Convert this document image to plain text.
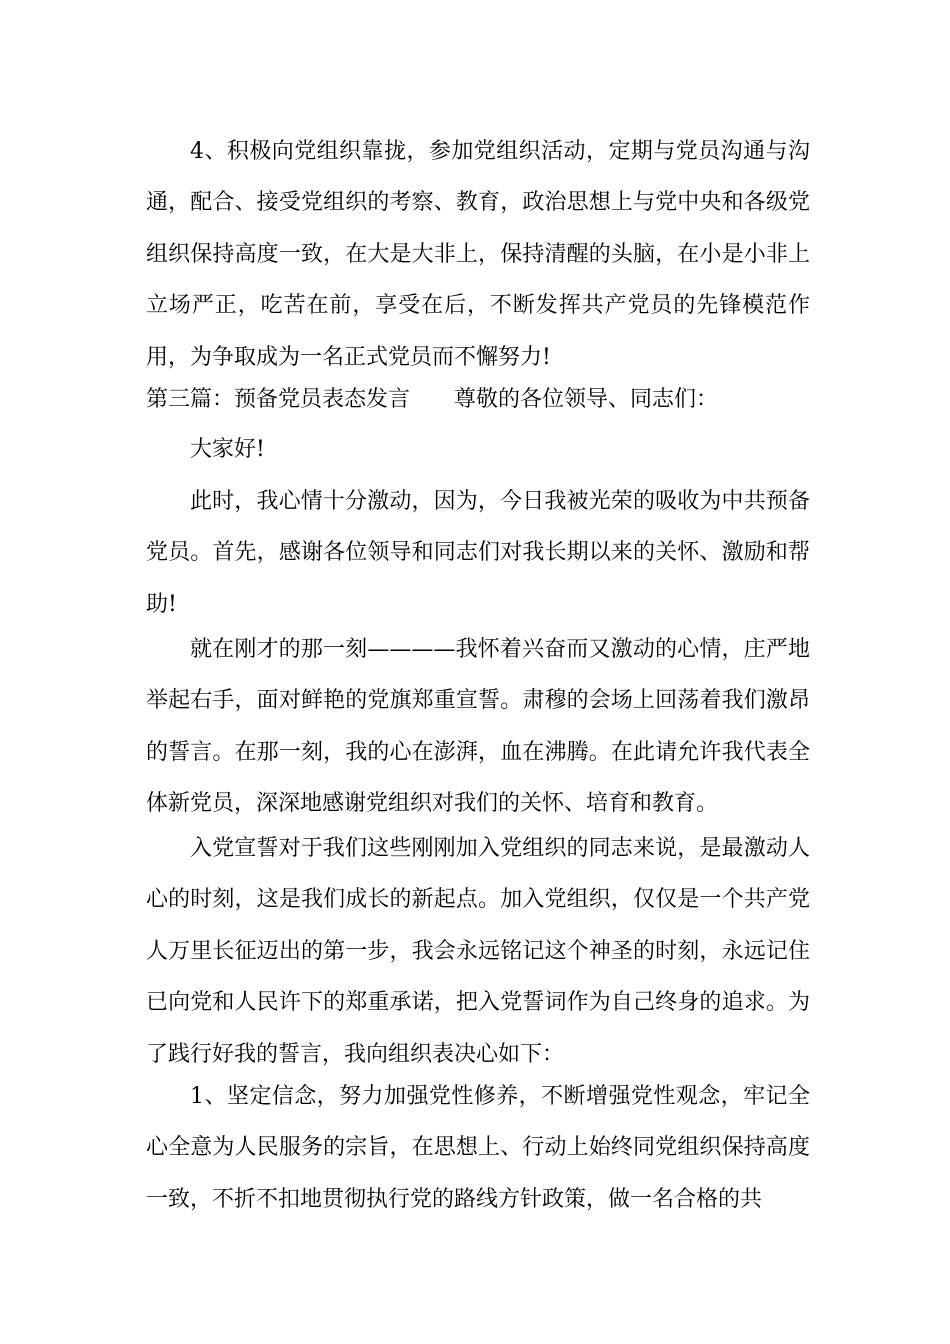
4、积极向党组织靠拢，参加党组织活动，定期与党员沟通与沟通，配合、接受党组织的考察、教育，政治思想上与党中央和各级党组织保持高度一致，在大是大非上，保持清醒的头脑，在小是小非上立场严正，吃苦在前，享受在后，不断发挥共产党员的先锋模范作用，为争取成为一名正式党员而不懈努力!

第三篇：预备党员表态发言 尊敬的各位领导、同志们：

大家好!

此时，我心情十分激动，因为，今日我被光荣的吸收为中共预备党员。首先，感谢各位领导和同志们对我长期以来的关怀、激励和帮助!

就在刚才的那一刻————我怀着兴奋而又激动的心情，庄严地举起右手，面对鲜艳的党旗郑重宣誓。肃穆的会场上回荡着我们激昂的誓言。在那一刻，我的心在澎湃，血在沸腾。在此请允许我代表全体新党员，深深地感谢党组织对我们的关怀、培育和教育。

入党宣誓对于我们这些刚刚加入党组织的同志来说，是最激动人心的时刻，这是我们成长的新起点。加入党组织，仅仅是一个共产党人万里长征迈出的第一步，我会永远铭记这个神圣的时刻，永远记住已向党和人民许下的郑重承诺，把入党誓词作为自己终身的追求。为了践行好我的誓言，我向组织表决心如下：

1、坚定信念，努力加强党性修养，不断增强党性观念，牢记全心全意为人民服务的宗旨，在思想上、行动上始终同党组织保持高度一致，不折不扣地贯彻执行党的路线方针政策，做一名合格的共
